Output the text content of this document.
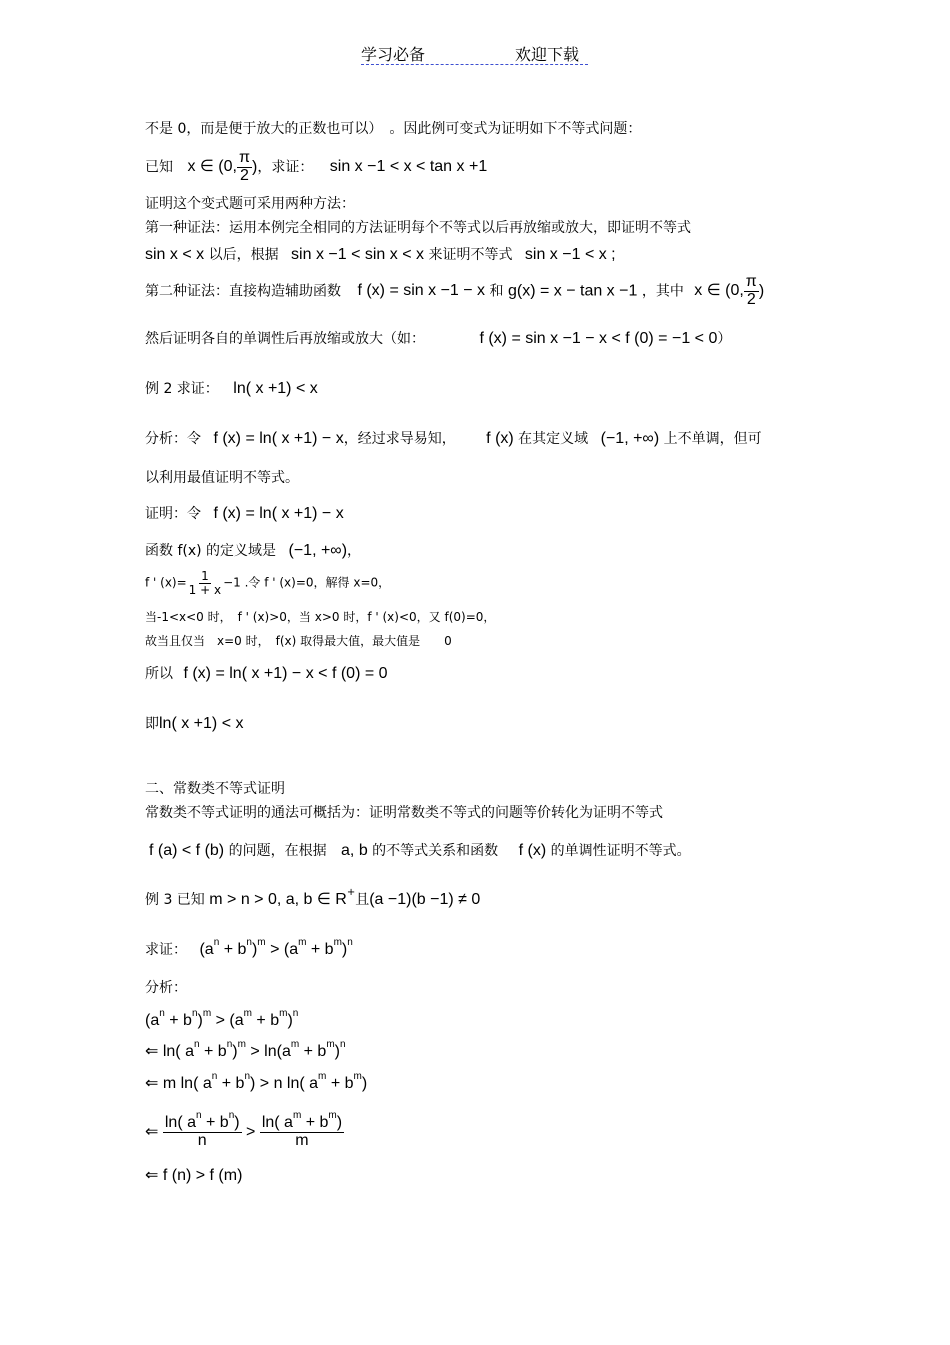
学习必备	欢迎下载
不是 0，而是便于放大的正数也可以）　。因此例可变式为证明如下不等式问题：
已知 x ∈ (0, $\frac{\pi}{2}$ )，求证： sin x −1 < x < tan x +1
证明这个变式题可采用两种方法：
第一种证法：运用本例完全相同的方法证明每个不等式以后再放缩或放大，即证明不等式
sin x < x 以后，根据 sin x −1 < sin x < x 来证明不等式 sin x −1 < x ;
第二种证法：直接构造辅助函数 f (x) = sin x −1 − x 和 g(x) = x − tan x −1 ，其中 x ∈ (0, $\frac{\pi}{2}$ )
然后证明各自的单调性后再放缩或放大（如：	f (x) = sin x −1 − x < f (0) = −1 < 0）
例 2 求证： ln( x +1) < x
分析：令 f (x) = ln( x +1) − x，经过求导易知， f (x) 在其定义域 (−1, +∞) 上不单调，但可
以利用最值证明不等式。
证明：令 f (x) = ln( x +1) − x
函数 f(x) 的定义域是 (−1, +∞)，
f ' $(x)= \frac{1}{1 + x} -1$ .令 f ' (x)=0，解得 x=0，
当-1<x<0 时，　f ' (x)>0，当 x>0 时，f ' (x)<0，又 f(0)=0，
故当且仅当　x=0 时，　f(x) 取得最大值，最大值是　　0
所以 f (x) = ln( x +1) − x < f (0) = 0
即ln( x +1) < x
二、常数类不等式证明
常数类不等式证明的通法可概括为：证明常数类不等式的问题等价转化为证明不等式
f (a) < f (b) 的问题，在根据 a, b 的不等式关系和函数 f (x) 的单调性证明不等式。
例 3 已知 m > n > 0, a, b ∈ R+且(a −1)(b −1) ≠ 0
求证： $(a^n + b^n)^m > (a^m + b^m)^n$
分析：
$(a^n + b^n)^m > (a^m + b^m)^n$
⇐ ln( $a^n + b^n)^m > \ln(a^m + b^m)^n$
⇐ m ln( $a^n + b^n) > n$ ln( $a^m + b^m$)
⇐ $\frac{\ln( a^n + b^n)}{n} > \frac{\ln( a^m + b^m)}{m}$
⇐ f (n) > f (m)
